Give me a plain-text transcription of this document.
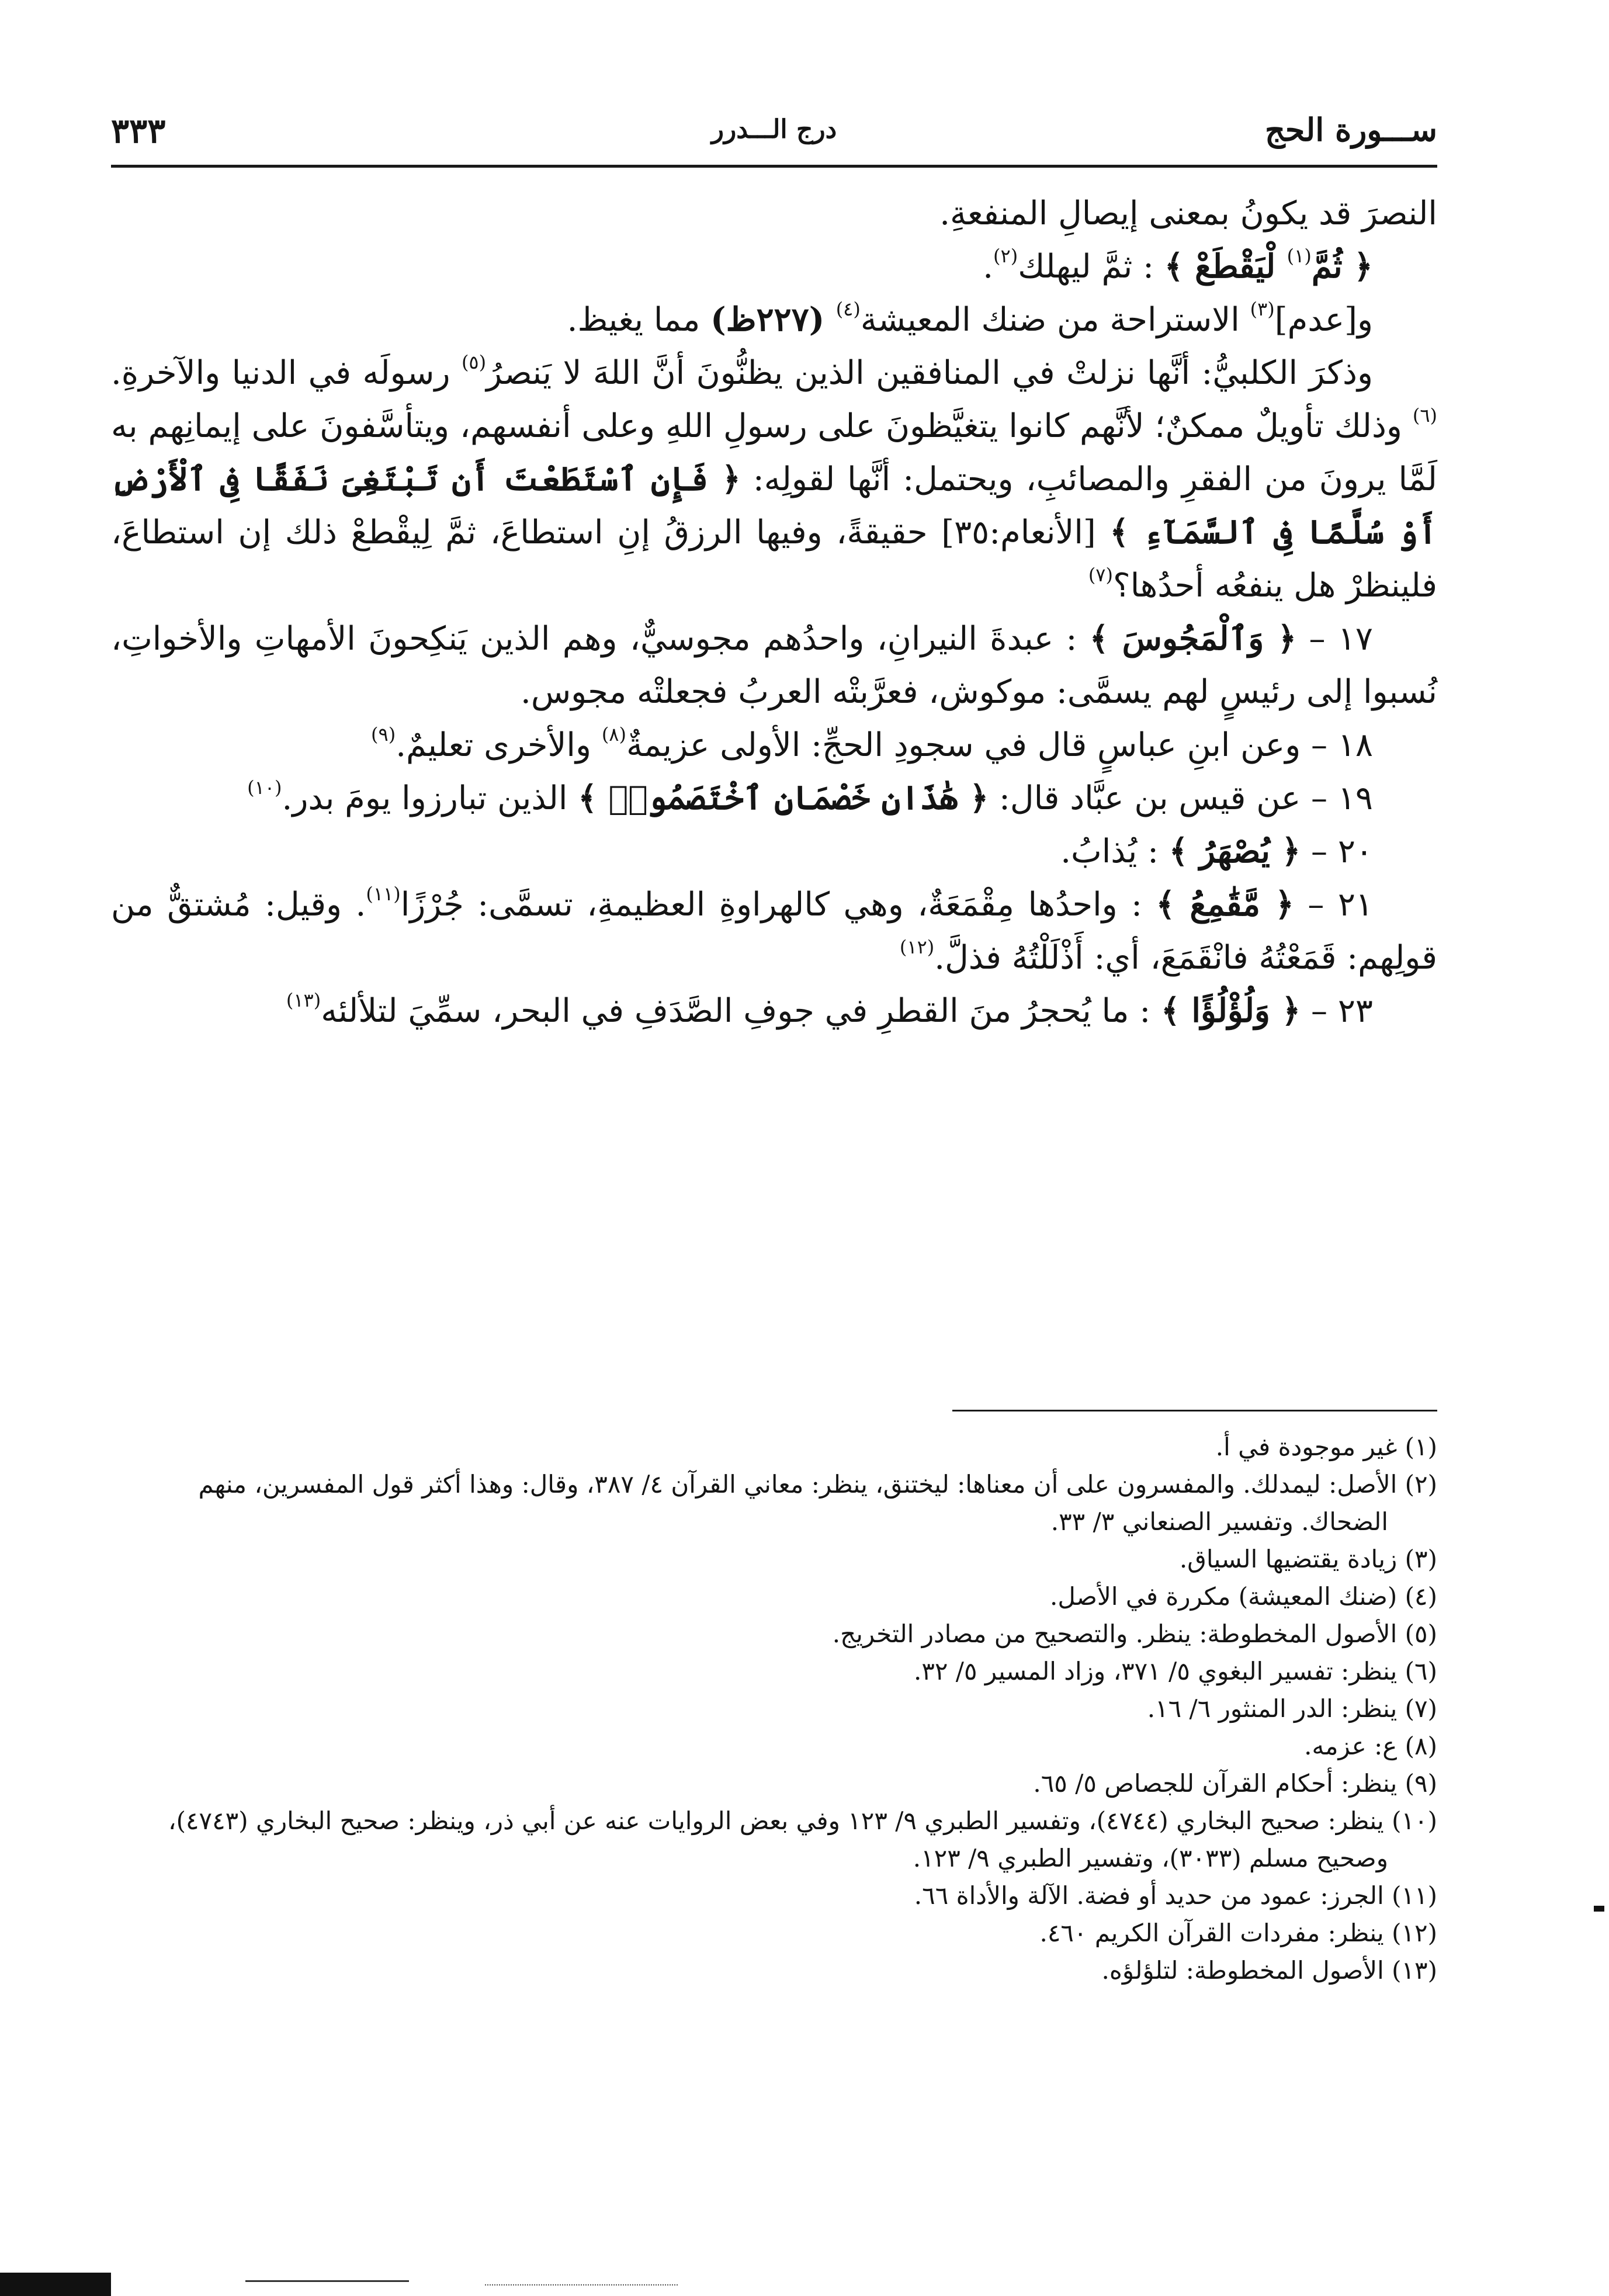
ســـورة الحج
درج الـــدرر
٣٣٣

النصرَ قد يكونُ بمعنى إيصالِ المنفعةِ.

﴿ ثُمَّ$^{(١)}$ لْيَقْطَعْ ﴾ : ثمَّ ليهلك$^{(٢)}$.

و[عدم]$^{(٣)}$ الاستراحة من ضنك المعيشة$^{(٤)}$ (٢٢٧ظ) مما يغيظ.

وذكرَ الكلبيُّ: أنَّها نزلتْ في المنافقين الذين يظنُّونَ أنَّ اللهَ لا يَنصرُ$^{(٥)}$ رسولَه في الدنيا والآخرةِ.$^{(٦)}$ وذلك تأويلٌ ممكنٌ؛ لأنَّهم كانوا يتغيَّظونَ على رسولِ اللهِ وعلى أنفسهم، ويتأسَّفونَ على إيمانِهم به لَمَّا يرونَ من الفقرِ والمصائبِ، ويحتمل: أنَّها لقولِه: ﴿ فَإِنِ ٱسْتَطَعْتَ أَن تَبْتَغِىَ نَفَقًا فِى ٱلْأَرْضِ أَوْ سُلَّمًا فِى ٱلسَّمَآءِ ﴾ [الأنعام:٣٥] حقيقةً، وفيها الرزقُ إنِ استطاعَ، ثمَّ لِيقْطعْ ذلك إن استطاعَ، فلينظرْ هل ينفعُه أحدُها؟$^{(٧)}$

١٧ – ﴿ وَٱلْمَجُوسَ ﴾ : عبدةَ النيرانِ، واحدُهم مجوسيٌّ، وهم الذين يَنكِحونَ الأمهاتِ والأخواتِ، نُسبوا إلى رئيسٍ لهم يسمَّى: موكوش، فعرَّبتْه العربُ فجعلتْه مجوس.

١٨ – وعن ابنِ عباسٍ قال في سجودِ الحجِّ: الأولى عزيمةٌ$^{(٨)}$ والأخرى تعليمٌ.$^{(٩)}$

١٩ – عن قيس بن عبَّاد قال: ﴿ هَٰذَانِ خَصْمَانِ ٱخْتَصَمُوا۟ ﴾ الذين تبارزوا يومَ بدر.$^{(١٠)}$

٢٠ – ﴿ يُصْهَرُ ﴾ : يُذابُ.

٢١ – ﴿ مَّقَٰمِعُ ﴾ : واحدُها مِقْمَعَةٌ، وهي كالهراوةِ العظيمةِ، تسمَّى: جُرْزًا$^{(١١)}$. وقيل: مُشتقٌّ من قولِهم: قَمَعْتُهُ فانْقَمَعَ، أي: أَذْلَلْتُهُ فذلَّ.$^{(١٢)}$

٢٣ – ﴿ وَلُؤْلُؤًا ﴾ : ما يُحجرُ منَ القطرِ في جوفِ الصَّدَفِ في البحر، سمِّيَ لتلألئه$^{(١٣)}$

(١) غير موجودة في أ.

(٢) الأصل: ليمدلك. والمفسرون على أن معناها: ليختنق، ينظر: معاني القرآن ٤/ ٣٨٧، وقال: وهذا أكثر قول المفسرين، منهم الضحاك. وتفسير الصنعاني ٣/ ٣٣.

(٣) زيادة يقتضيها السياق.

(٤) (ضنك المعيشة) مكررة في الأصل.

(٥) الأصول المخطوطة: ينظر. والتصحيح من مصادر التخريج.

(٦) ينظر: تفسير البغوي ٥/ ٣٧١، وزاد المسير ٥/ ٣٢.

(٧) ينظر: الدر المنثور ٦/ ١٦.

(٨) ع: عزمه.

(٩) ينظر: أحكام القرآن للجصاص ٥/ ٦٥.

(١٠) ينظر: صحيح البخاري (٤٧٤٤)، وتفسير الطبري ٩/ ١٢٣ وفي بعض الروايات عنه عن أبي ذر، وينظر: صحيح البخاري (٤٧٤٣)، وصحيح مسلم (٣٠٣٣)، وتفسير الطبري ٩/ ١٢٣.

(١١) الجرز: عمود من حديد أو فضة. الآلة والأداة ٦٦.

(١٢) ينظر: مفردات القرآن الكريم ٤٦٠.

(١٣) الأصول المخطوطة: لتلؤلؤه.
